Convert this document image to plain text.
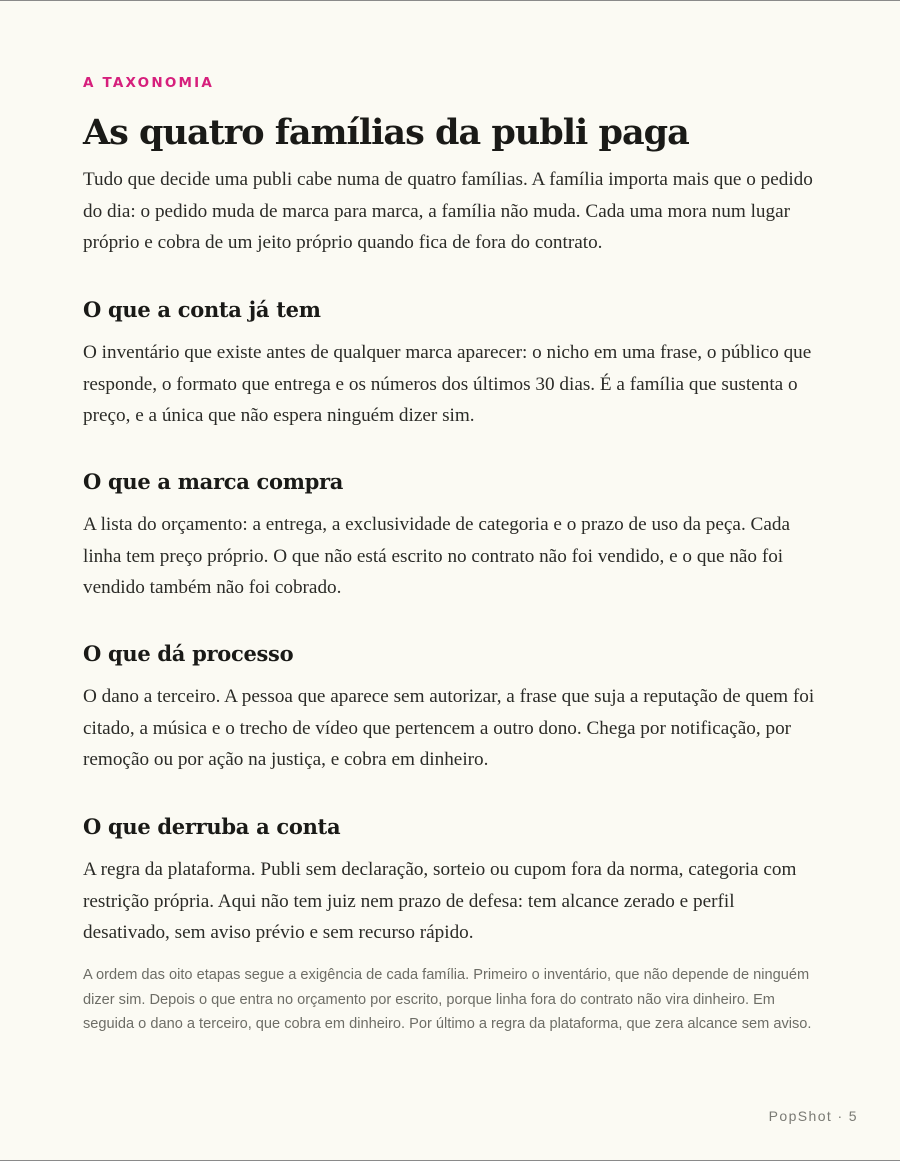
A TAXONOMIA
As quatro famílias da publi paga

Tudo que decide uma publi cabe numa de quatro famílias. A família importa mais que o pedido do dia: o pedido muda de marca para marca, a família não muda. Cada uma mora num lugar próprio e cobra de um jeito próprio quando fica de fora do contrato.

O que a conta já tem

O inventário que existe antes de qualquer marca aparecer: o nicho em uma frase, o público que responde, o formato que entrega e os números dos últimos 30 dias. É a família que sustenta o preço, e a única que não espera ninguém dizer sim.

O que a marca compra

A lista do orçamento: a entrega, a exclusividade de categoria e o prazo de uso da peça. Cada linha tem preço próprio. O que não está escrito no contrato não foi vendido, e o que não foi vendido também não foi cobrado.

O que dá processo

O dano a terceiro. A pessoa que aparece sem autorizar, a frase que suja a reputação de quem foi citado, a música e o trecho de vídeo que pertencem a outro dono. Chega por notificação, por remoção ou por ação na justiça, e cobra em dinheiro.

O que derruba a conta

A regra da plataforma. Publi sem declaração, sorteio ou cupom fora da norma, categoria com restrição própria. Aqui não tem juiz nem prazo de defesa: tem alcance zerado e perfil desativado, sem aviso prévio e sem recurso rápido.

A ordem das oito etapas segue a exigência de cada família. Primeiro o inventário, que não depende de ninguém dizer sim. Depois o que entra no orçamento por escrito, porque linha fora do contrato não vira dinheiro. Em seguida o dano a terceiro, que cobra em dinheiro. Por último a regra da plataforma, que zera alcance sem aviso.

PopShot · 5
